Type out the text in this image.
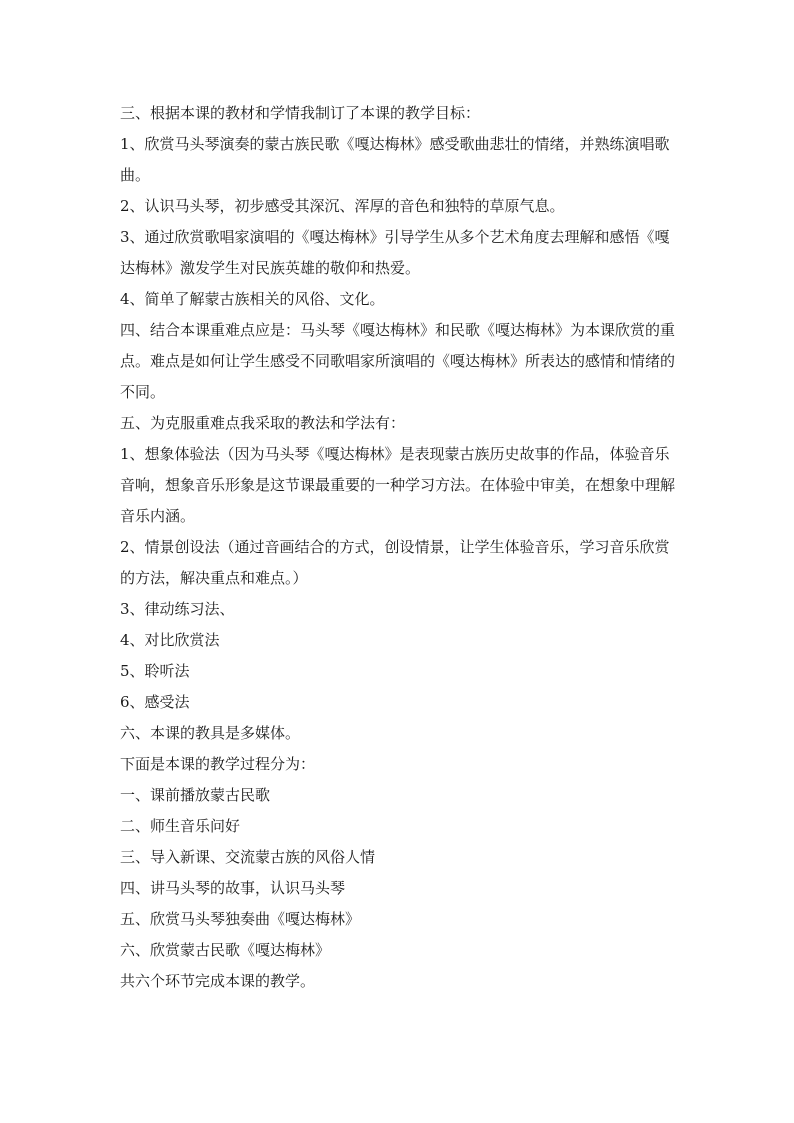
三、根据本课的教材和学情我制订了本课的教学目标：

1、欣赏马头琴演奏的蒙古族民歌《嘎达梅林》感受歌曲悲壮的情绪，并熟练演唱歌曲。

2、认识马头琴，初步感受其深沉、浑厚的音色和独特的草原气息。

3、通过欣赏歌唱家演唱的《嘎达梅林》引导学生从多个艺术角度去理解和感悟《嘎达梅林》激发学生对民族英雄的敬仰和热爱。

4、简单了解蒙古族相关的风俗、文化。

四、结合本课重难点应是：马头琴《嘎达梅林》和民歌《嘎达梅林》为本课欣赏的重点。难点是如何让学生感受不同歌唱家所演唱的《嘎达梅林》所表达的感情和情绪的不同。

五、为克服重难点我采取的教法和学法有：

1、想象体验法（因为马头琴《嘎达梅林》是表现蒙古族历史故事的作品，体验音乐音响，想象音乐形象是这节课最重要的一种学习方法。在体验中审美，在想象中理解音乐内涵。

2、情景创设法（通过音画结合的方式，创设情景，让学生体验音乐，学习音乐欣赏的方法，解决重点和难点。）

3、律动练习法、

4、对比欣赏法

5、聆听法

6、感受法

六、本课的教具是多媒体。

下面是本课的教学过程分为：

一、课前播放蒙古民歌

二、师生音乐问好

三、导入新课、交流蒙古族的风俗人情

四、讲马头琴的故事，认识马头琴

五、欣赏马头琴独奏曲《嘎达梅林》

六、欣赏蒙古民歌《嘎达梅林》

共六个环节完成本课的教学。
